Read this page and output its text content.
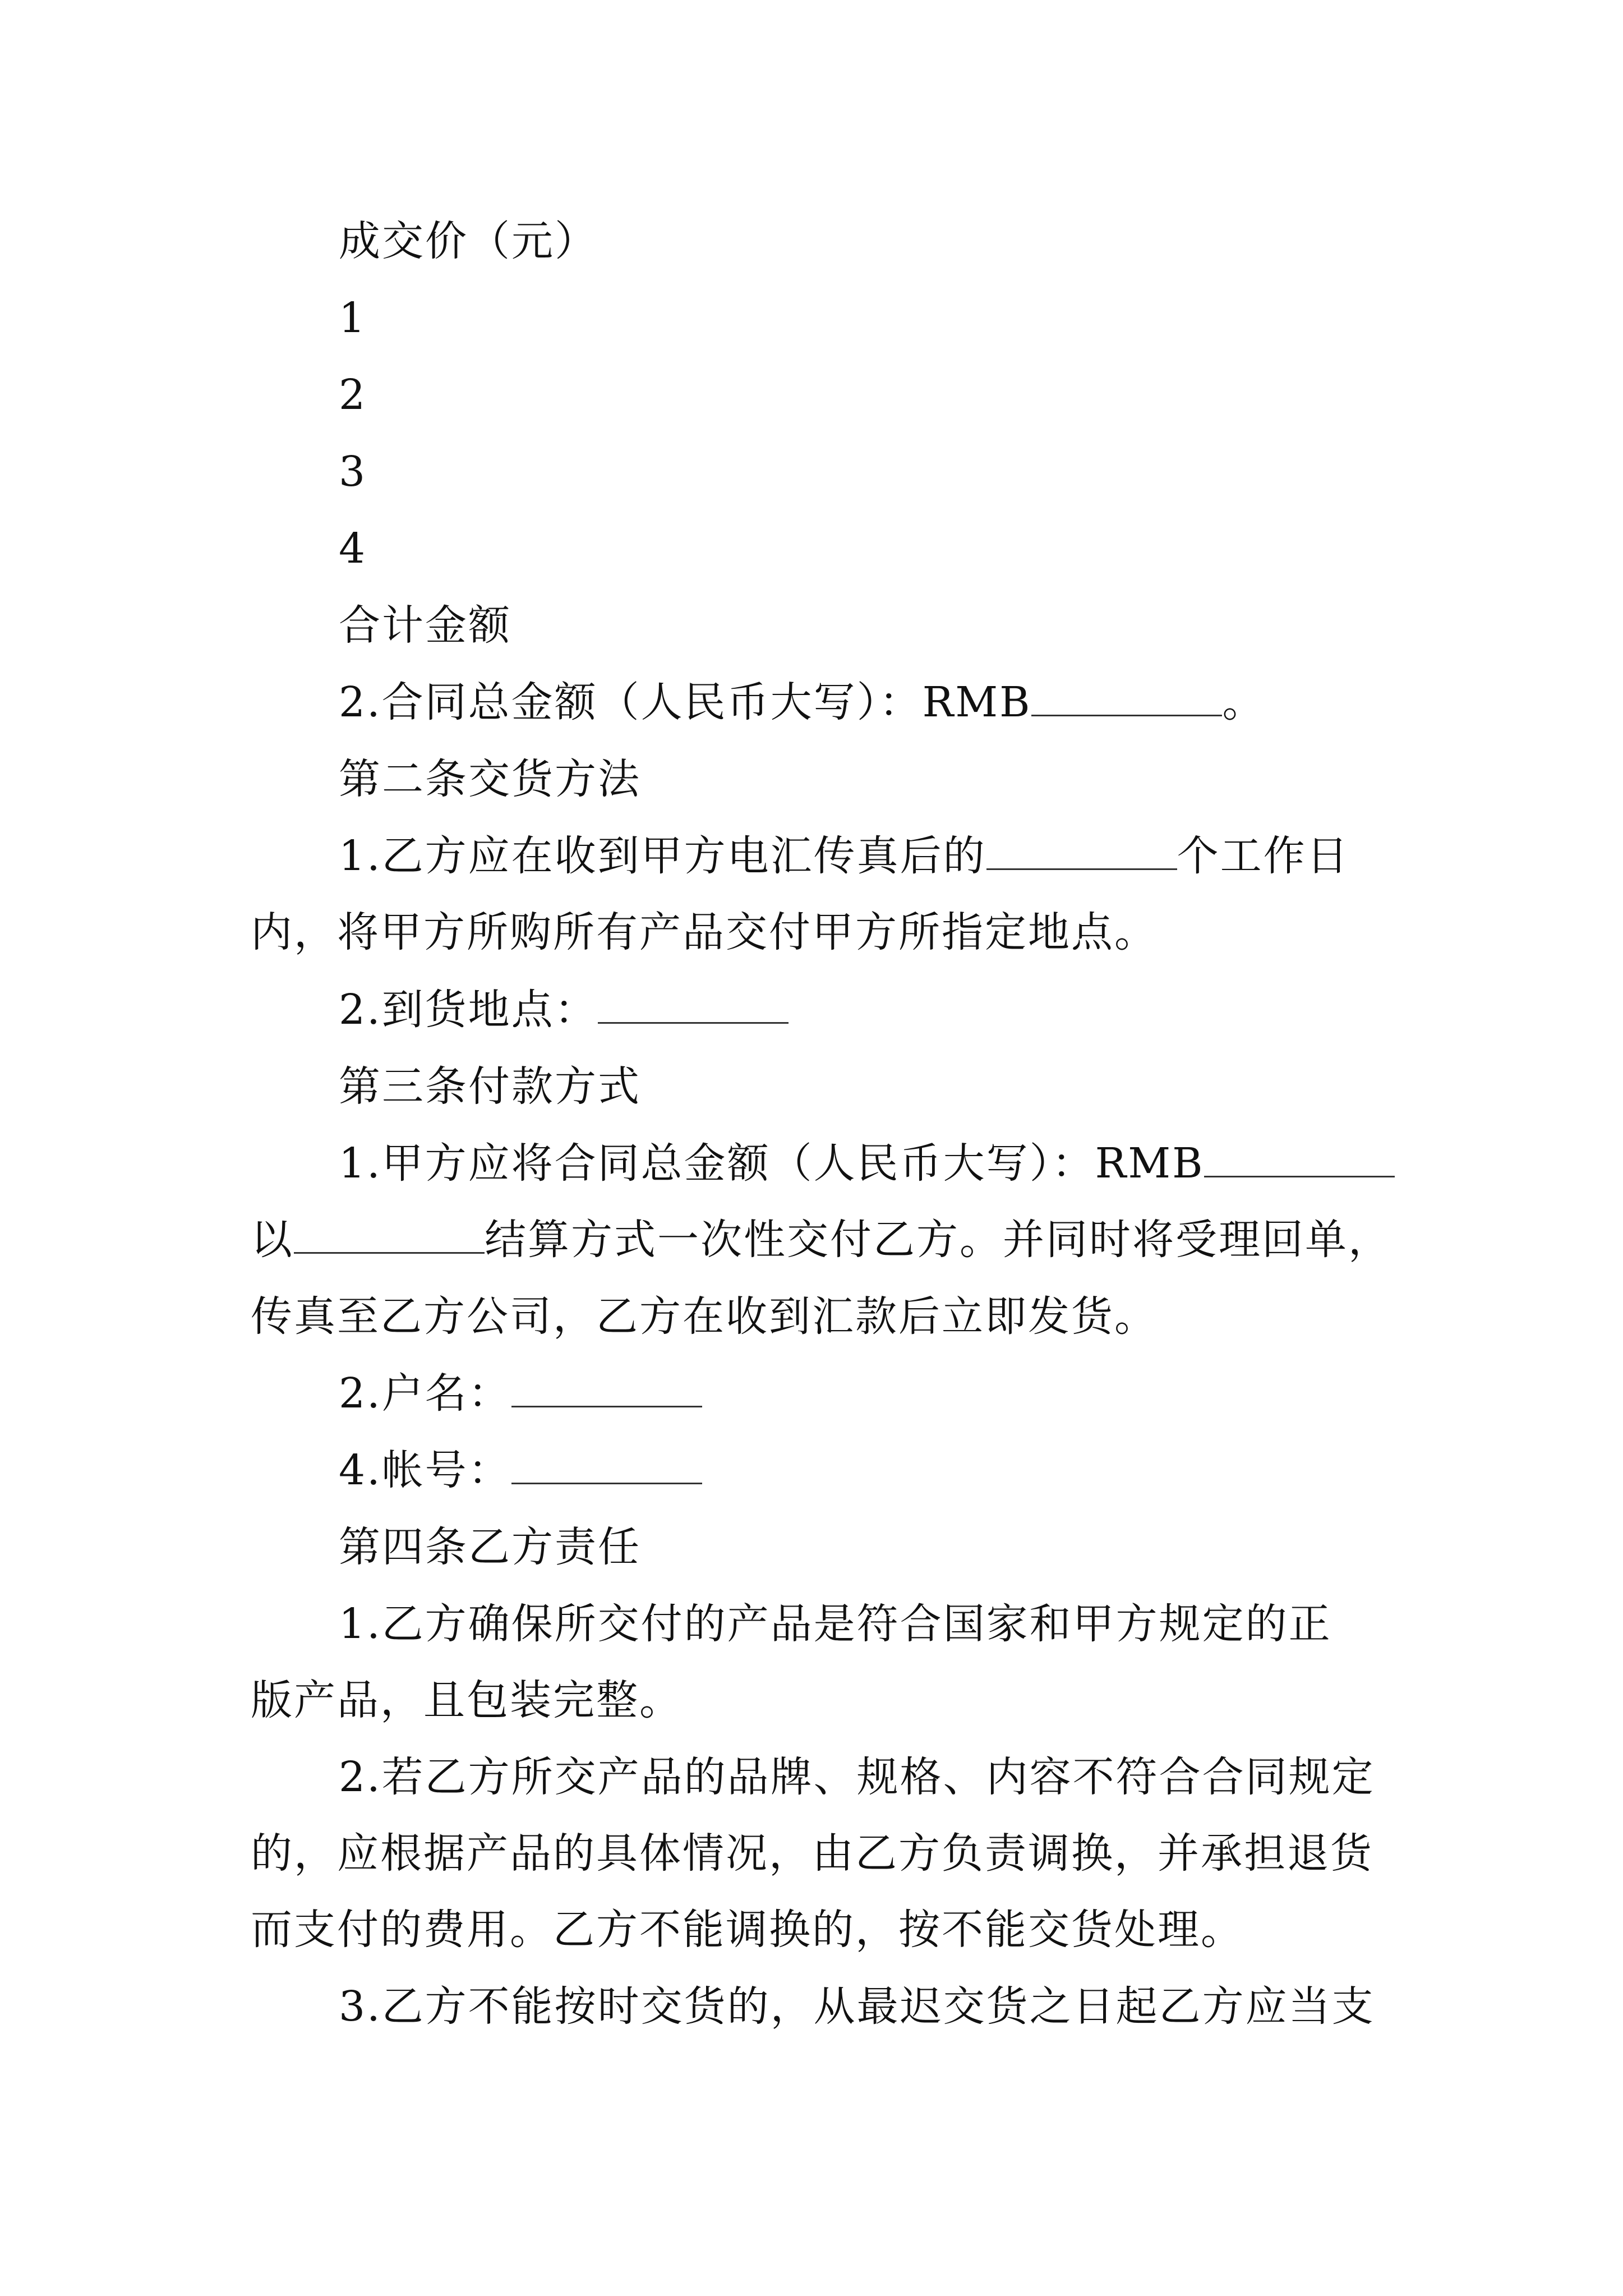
成交价（元）
1
2
3
4
合计金额
2.合同总金额（人民币大写）：RMB	。
第二条交货方法
1.乙方应在收到甲方电汇传真后的	个工作日
内，将甲方所购所有产品交付甲方所指定地点。
2.到货地点：
第三条付款方式
1.甲方应将合同总金额（人民币大写）：RMB
以	结算方式一次性交付乙方。并同时将受理回单，
传真至乙方公司，乙方在收到汇款后立即发货。
2.户名：
4.帐号：
第四条乙方责任
1.乙方确保所交付的产品是符合国家和甲方规定的正
版产品，且包装完整。
2.若乙方所交产品的品牌、规格、内容不符合合同规定
的，应根据产品的具体情况，由乙方负责调换，并承担退货
而支付的费用。乙方不能调换的，按不能交货处理。
3.乙方不能按时交货的，从最迟交货之日起乙方应当支
